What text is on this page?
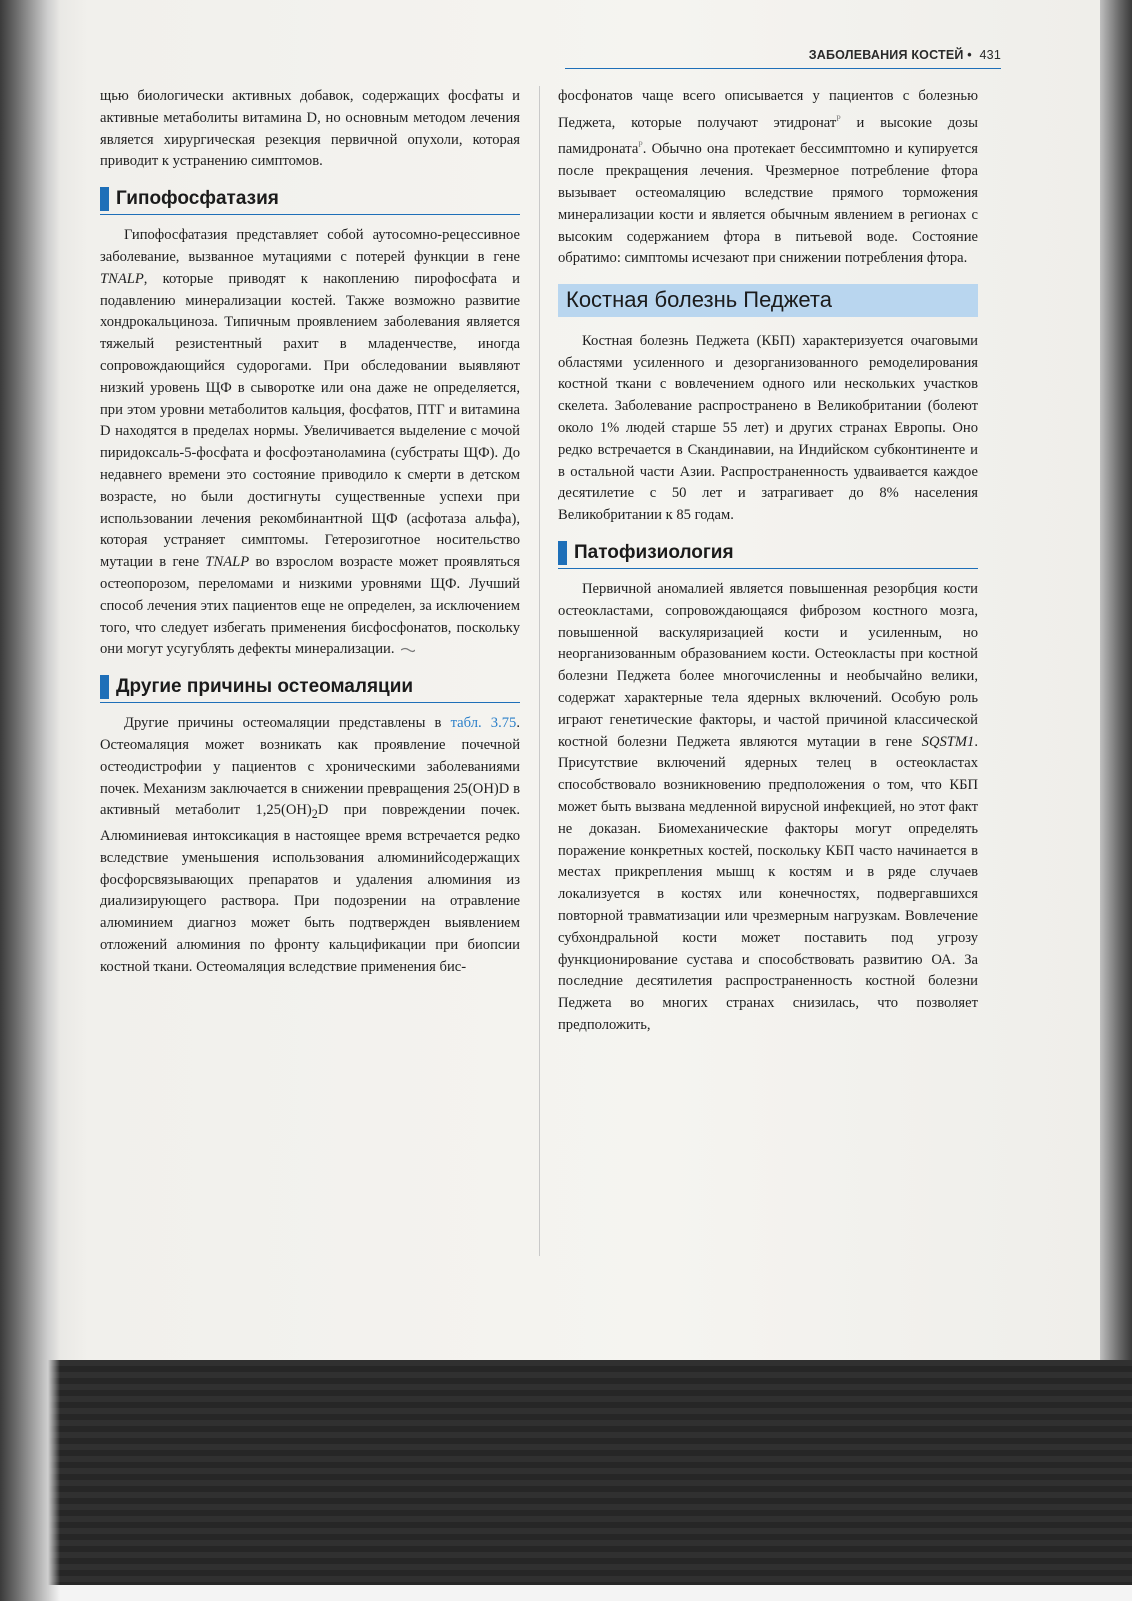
ЗАБОЛЕВАНИЯ КОСТЕЙ • 431

щью биологически активных добавок, содержащих фосфаты и активные метаболиты витамина D, но основным методом лечения является хирургическая резекция первичной опухоли, которая приводит к устранению симптомов.

Гипофосфатазия

Гипофосфатазия представляет собой аутосомно-рецессивное заболевание, вызванное мутациями с потерей функции в гене TNALP, которые приводят к накоплению пирофосфата и подавлению минерализации костей. Также возможно развитие хондрокальциноза. Типичным проявлением заболевания является тяжелый резистентный рахит в младенчестве, иногда сопровождающийся судорогами. При обследовании выявляют низкий уровень ЩФ в сыворотке или она даже не определяется, при этом уровни метаболитов кальция, фосфатов, ПТГ и витамина D находятся в пределах нормы. Увеличивается выделение с мочой пиридоксаль-5-фосфата и фосфоэтаноламина (субстраты ЩФ). До недавнего времени это состояние приводило к смерти в детском возрасте, но были достигнуты существенные успехи при использовании лечения рекомбинантной ЩФ (асфотаза альфа), которая устраняет симптомы. Гетерозиготное носительство мутации в гене TNALP во взрослом возрасте может проявляться остеопорозом, переломами и низкими уровнями ЩФ. Лучший способ лечения этих пациентов еще не определен, за исключением того, что следует избегать применения бисфосфонатов, поскольку они могут усугублять дефекты минерализации.

Другие причины остеомаляции

Другие причины остеомаляции представлены в табл. 3.75. Остеомаляция может возникать как проявление почечной остеодистрофии у пациентов с хроническими заболеваниями почек. Механизм заключается в снижении превращения 25(OH)D в активный метаболит $1,25(OH)_2D$ при повреждении почек. Алюминиевая интоксикация в настоящее время встречается редко вследствие уменьшения использования алюминийсодержащих фосфорсвязывающих препаратов и удаления алюминия из диализирующего раствора. При подозрении на отравление алюминием диагноз может быть подтвержден выявлением отложений алюминия по фронту кальцификации при биопсии костной ткани. Остеомаляция вследствие применения бис-

фосфонатов чаще всего описывается у пациентов с болезнью Педжета, которые получают этидронат$^P$ и высокие дозы памидроната$^P$. Обычно она протекает бессимптомно и купируется после прекращения лечения. Чрезмерное потребление фтора вызывает остеомаляцию вследствие прямого торможения минерализации кости и является обычным явлением в регионах с высоким содержанием фтора в питьевой воде. Состояние обратимо: симптомы исчезают при снижении потребления фтора.

Костная болезнь Педжета

Костная болезнь Педжета (КБП) характеризуется очаговыми областями усиленного и дезорганизованного ремоделирования костной ткани с вовлечением одного или нескольких участков скелета. Заболевание распространено в Великобритании (болеют около 1% людей старше 55 лет) и других странах Европы. Оно редко встречается в Скандинавии, на Индийском субконтиненте и в остальной части Азии. Распространенность удваивается каждое десятилетие с 50 лет и затрагивает до 8% населения Великобритании к 85 годам.

Патофизиология

Первичной аномалией является повышенная резорбция кости остеокластами, сопровождающаяся фиброзом костного мозга, повышенной васкуляризацией кости и усиленным, но неорганизованным образованием кости. Остеокласты при костной болезни Педжета более многочисленны и необычайно велики, содержат характерные тела ядерных включений. Особую роль играют генетические факторы, и частой причиной классической костной болезни Педжета являются мутации в гене SQSTM1. Присутствие включений ядерных телец в остеокластах способствовало возникновению предположения о том, что КБП может быть вызвана медленной вирусной инфекцией, но этот факт не доказан. Биомеханические факторы могут определять поражение конкретных костей, поскольку КБП часто начинается в местах прикрепления мышц к костям и в ряде случаев локализуется в костях или конечностях, подвергавшихся повторной травматизации или чрезмерным нагрузкам. Вовлечение субхондральной кости может поставить под угрозу функционирование сустава и способствовать развитию ОА. За последние десятилетия распространенность костной болезни Педжета во многих странах снизилась, что позволяет предположить,
